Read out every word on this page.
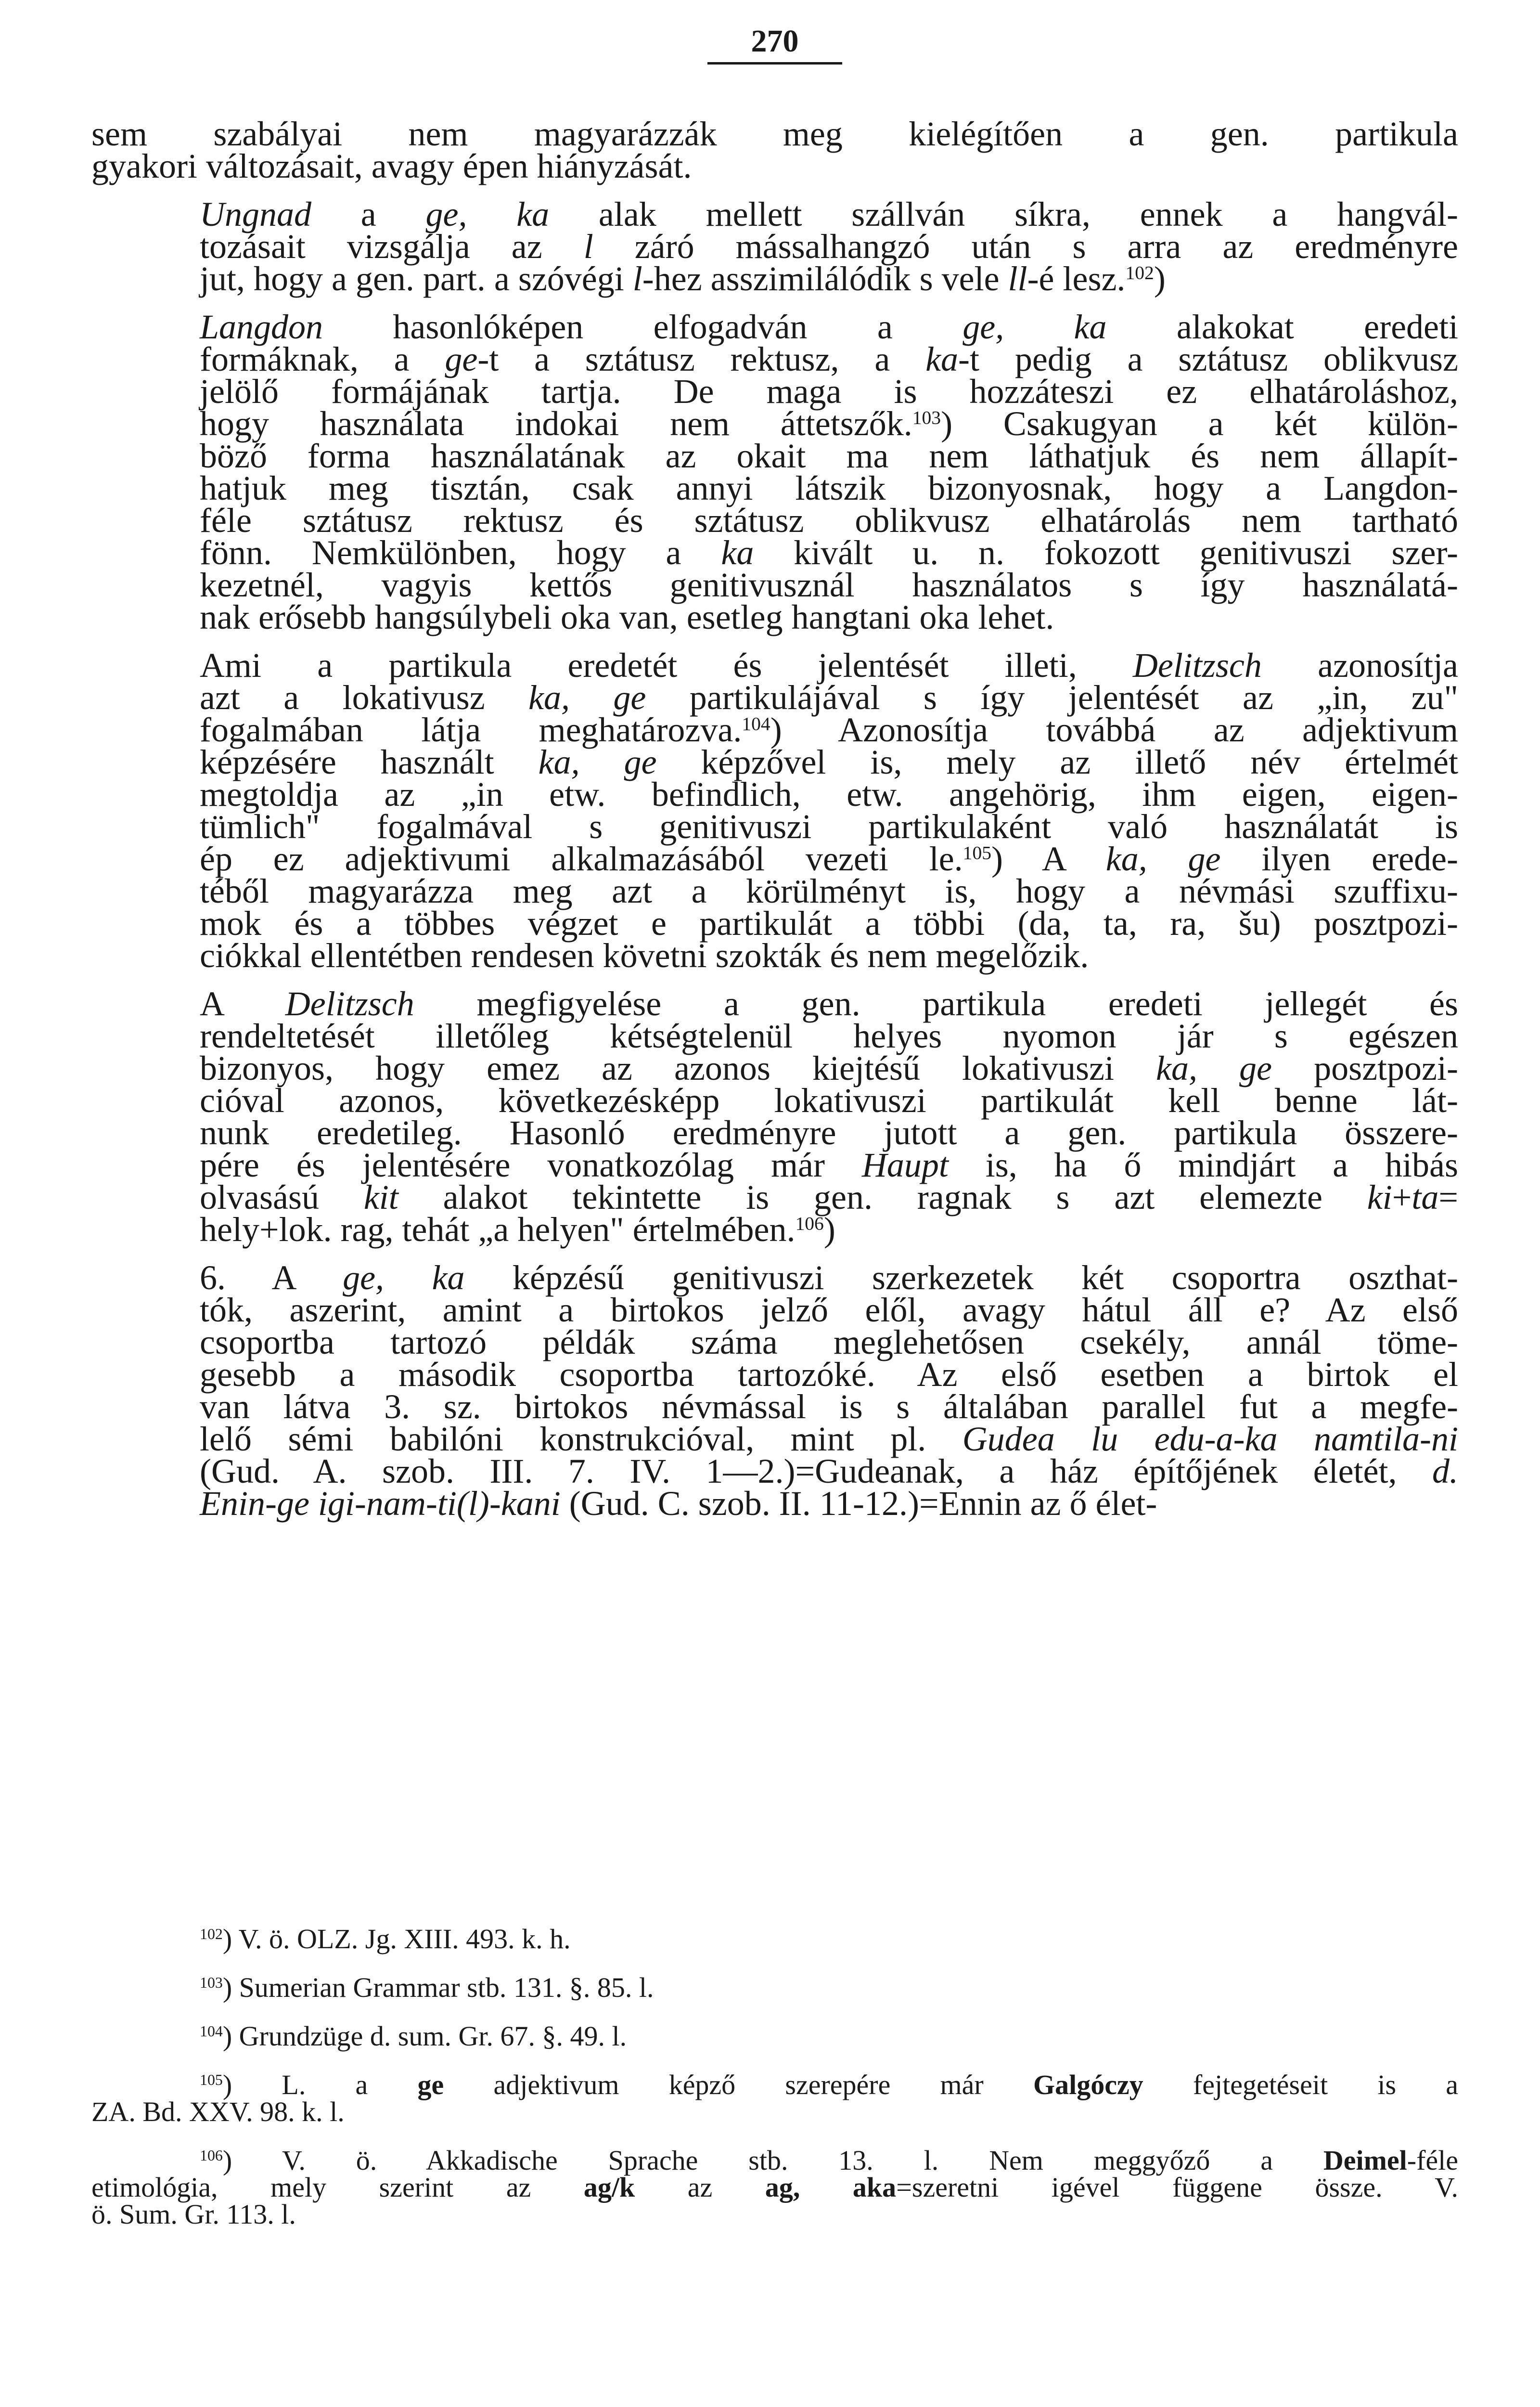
270
sem szabályai nem magyarázzák meg kielégítően a gen. partikula
gyakori változásait, avagy épen hiányzását.
Ungnad a ge, ka alak mellett szállván síkra, ennek a hangvál-
tozásait vizsgálja az l záró mássalhangzó után s arra az eredményre
jut, hogy a gen. part. a szóvégi l-hez asszimilálódik s vele ll-é lesz.$^{102}$)
Langdon hasonlóképen elfogadván a ge, ka alakokat eredeti
formáknak, a ge-t a sztátusz rektusz, a ka-t pedig a sztátusz oblikvusz
jelölő formájának tartja. De maga is hozzáteszi ez elhatároláshoz,
hogy használata indokai nem áttetszők.$^{103}$) Csakugyan a két külön-
böző forma használatának az okait ma nem láthatjuk és nem állapít-
hatjuk meg tisztán, csak annyi látszik bizonyosnak, hogy a Langdon-
féle sztátusz rektusz és sztátusz oblikvusz elhatárolás nem tartható
fönn. Nemkülönben, hogy a ka kivált u. n. fokozott genitivuszi szer-
kezetnél, vagyis kettős genitivusznál használatos s így használatá-
nak erősebb hangsúlybeli oka van, esetleg hangtani oka lehet.
Ami a partikula eredetét és jelentését illeti, Delitzsch azonosítja
azt a lokativusz ka, ge partikulájával s így jelentését az „in, zu"
fogalmában látja meghatározva.$^{104}$) Azonosítja továbbá az adjektivum
képzésére használt ka, ge képzővel is, mely az illető név értelmét
megtoldja az „in etw. befindlich, etw. angehörig, ihm eigen, eigen-
tümlich" fogalmával s genitivuszi partikulaként való használatát is
ép ez adjektivumi alkalmazásából vezeti le.$^{105}$) A ka, ge ilyen erede-
téből magyarázza meg azt a körülményt is, hogy a névmási szuffixu-
mok és a többes végzet e partikulát a többi (da, ta, ra, šu) posztpozi-
ciókkal ellentétben rendesen követni szokták és nem megelőzik.
A Delitzsch megfigyelése a gen. partikula eredeti jellegét és
rendeltetését illetőleg kétségtelenül helyes nyomon jár s egészen
bizonyos, hogy emez az azonos kiejtésű lokativuszi ka, ge posztpozi-
cióval azonos, következésképp lokativuszi partikulát kell benne lát-
nunk eredetileg. Hasonló eredményre jutott a gen. partikula összere-
pére és jelentésére vonatkozólag már Haupt is, ha ő mindjárt a hibás
olvasású kit alakot tekintette is gen. ragnak s azt elemezte ki+ta=
hely+lok. rag, tehát „a helyen" értelmében.$^{106}$)
6. A ge, ka képzésű genitivuszi szerkezetek két csoportra oszthat-
tók, aszerint, amint a birtokos jelző elől, avagy hátul áll e? Az első
csoportba tartozó példák száma meglehetősen csekély, annál töme-
gesebb a második csoportba tartozóké. Az első esetben a birtok el
van látva 3. sz. birtokos névmással is s általában parallel fut a megfe-
lelő sémi babilóni konstrukcióval, mint pl. Gudea lu edu-a-ka namtila-ni
(Gud. A. szob. III. 7. IV. 1—2.)=Gudeanak, a ház építőjének életét, d.
Enin-ge igi-nam-ti(l)-kani (Gud. C. szob. II. 11-12.)=Ennin az ő élet-
$^{102}$) V. ö. OLZ. Jg. XIII. 493. k. h.
$^{103}$) Sumerian Grammar stb. 131. §. 85. l.
$^{104}$) Grundzüge d. sum. Gr. 67. §. 49. l.
$^{105}$) L. a ge adjektivum képző szerepére már Galgóczy fejtegetéseit is a
ZA. Bd. XXV. 98. k. l.
$^{106}$) V. ö. Akkadische Sprache stb. 13. l. Nem meggyőző a Deimel-féle
etimológia, mely szerint az ag/k az ag, aka=szeretni igével függene össze. V.
ö. Sum. Gr. 113. l.
